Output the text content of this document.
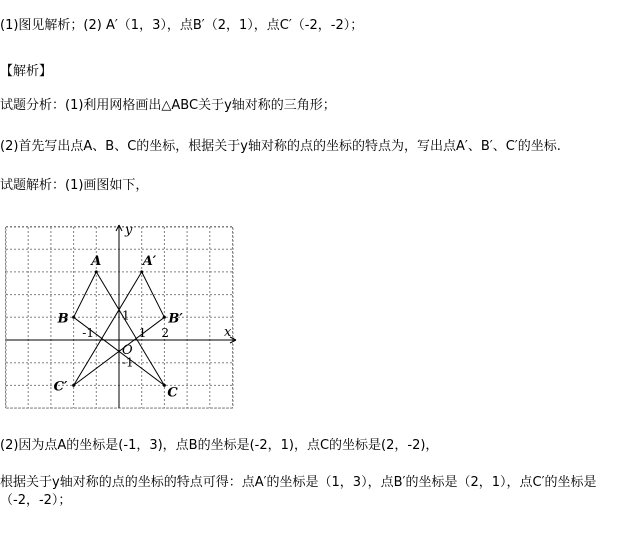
(1)图见解析；(2) A′（1，3），点B′（2，1），点C′（-2，-2）；
【解析】
试题分析：(1)利用网格画出△ABC关于y轴对称的三角形；
(2)首先写出点A、B、C的坐标，根据关于y轴对称的点的坐标的特点为，写出点A′、B′、C′的坐标.
试题解析：(1)画图如下，
A	A′
B	B′
C
C′
x
y
O
1
-1	1 2
-1
(2)因为点A的坐标是(-1，3)，点B的坐标是(-2，1)，点C的坐标是(2，-2)，
根据关于y轴对称的点的坐标的特点可得：点A′的坐标是（1，3），点B′的坐标是（2，1），点C′的坐标是（-2，-2）；
